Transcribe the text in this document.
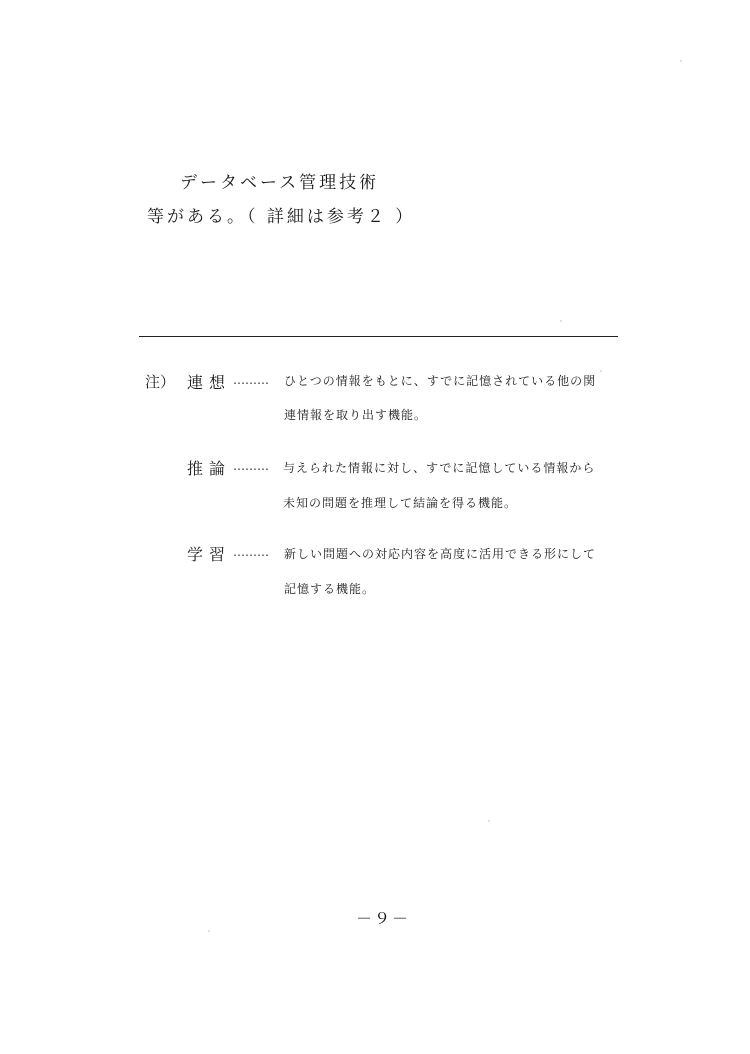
データベース管理技術
等がある。（ 詳細は参考２ ）
注） 連想 ……… ひとつの情報をもとに、すでに記憶されている他の関
連情報を取り出す機能。
推論 ……… 与えられた情報に対し、すでに記憶している情報から
未知の問題を推理して結論を得る機能。
学習 ……… 新しい問題への対応内容を高度に活用できる形にして
記憶する機能。
－９－
